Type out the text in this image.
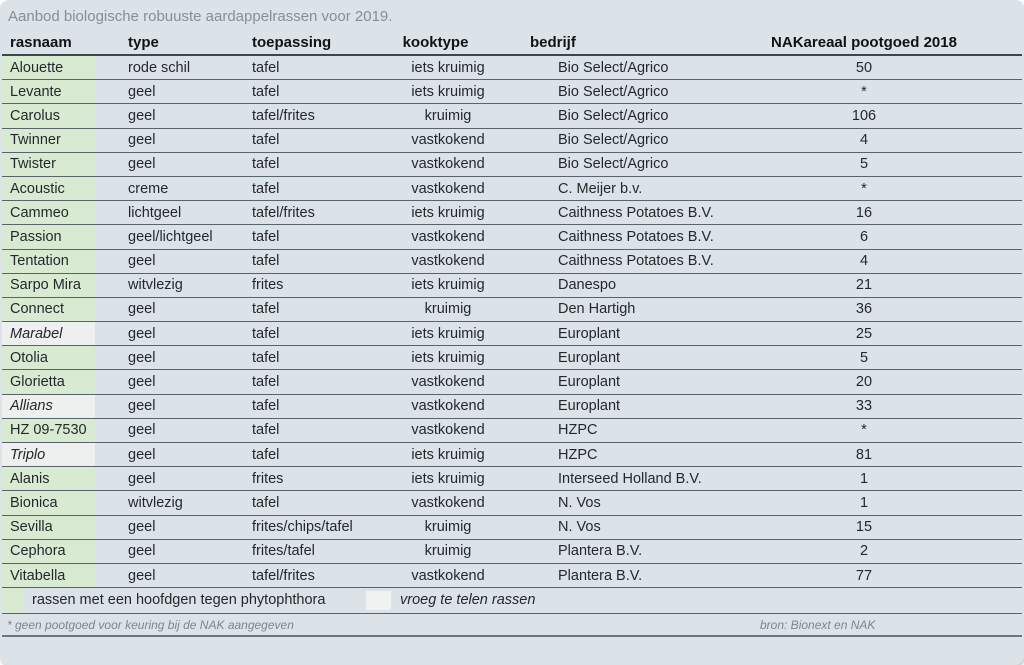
Aanbod biologische robuuste aardappelrassen voor 2019.
rasnaam	type	toepassing	kooktype	bedrijf	NAKareaal pootgoed 2018
Alouette	rode schil	tafel	iets kruimig	Bio Select/Agrico	50
Levante	geel	tafel	iets kruimig	Bio Select/Agrico	*
Carolus	geel	tafel/frites	kruimig	Bio Select/Agrico	106
Twinner	geel	tafel	vastkokend	Bio Select/Agrico	4
Twister	geel	tafel	vastkokend	Bio Select/Agrico	5
Acoustic	creme	tafel	vastkokend	C. Meijer b.v.	*
Cammeo	lichtgeel	tafel/frites	iets kruimig	Caithness Potatoes B.V.	16
Passion	geel/lichtgeel	tafel	vastkokend	Caithness Potatoes B.V.	6
Tentation	geel	tafel	vastkokend	Caithness Potatoes B.V.	4
Sarpo Mira	witvlezig	frites	iets kruimig	Danespo	21
Connect	geel	tafel	kruimig	Den Hartigh	36
Marabel	geel	tafel	iets kruimig	Europlant	25
Otolia	geel	tafel	iets kruimig	Europlant	5
Glorietta	geel	tafel	vastkokend	Europlant	20
Allians	geel	tafel	vastkokend	Europlant	33
HZ 09-7530	geel	tafel	vastkokend	HZPC	*
Triplo	geel	tafel	iets kruimig	HZPC	81
Alanis	geel	frites	iets kruimig	Interseed Holland B.V.	1
Bionica	witvlezig	tafel	vastkokend	N. Vos	1
Sevilla	geel	frites/chips/tafel	kruimig	N. Vos	15
Cephora	geel	frites/tafel	kruimig	Plantera B.V.	2
Vitabella	geel	tafel/frites	vastkokend	Plantera B.V.	77
rassen met een hoofdgen tegen phytophthora	vroeg te telen rassen
* geen pootgoed voor keuring bij de NAK aangegeven	bron: Bionext en NAK
